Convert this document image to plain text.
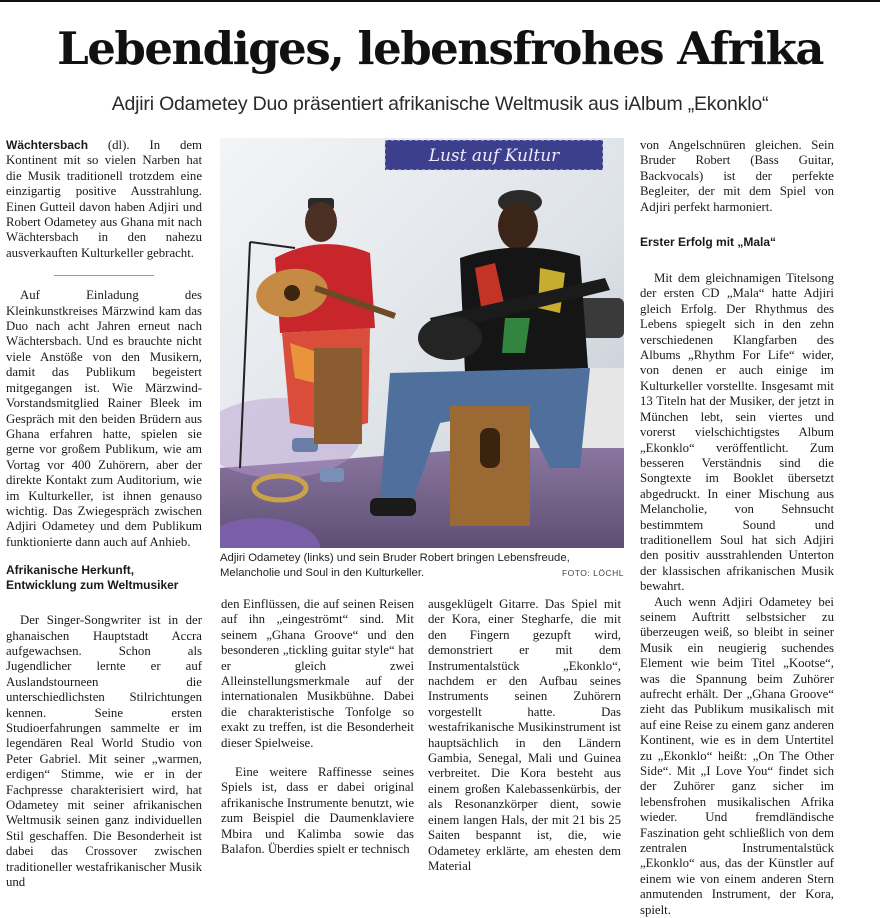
Lebendiges, lebensfrohes Afrika
Adjiri Odametey Duo präsentiert afrikanische Weltmusik aus iAlbum „Ekonklo“

Wächtersbach (dl). In dem Kontinent mit so vielen Narben hat die Musik traditionell trotzdem eine einzigartig positive Ausstrahlung. Einen Gutteil davon haben Adjiri und Robert Odametey aus Ghana mit nach Wächtersbach in den nahezu ausverkauften Kulturkeller gebracht.

Auf Einladung des Kleinkunstkreises Märzwind kam das Duo nach acht Jahren erneut nach Wächtersbach. Und es brauchte nicht viele Anstöße von den Musikern, damit das Publikum begeistert mitgegangen ist. Wie Märzwind-Vorstandsmitglied Rainer Bleek im Gespräch mit den beiden Brüdern aus Ghana erfahren hatte, spielen sie gerne vor großem Publikum, wie am Vortag vor 400 Zuhörern, aber der direkte Kontakt zum Auditorium, wie im Kulturkeller, ist ihnen genauso wichtig. Das Zwiegespräch zwischen Adjiri Odametey und dem Publikum funktionierte dann auch auf Anhieb.

Afrikanische Herkunft, Entwicklung zum Weltmusiker

Der Singer-Songwriter ist in der ghanaischen Hauptstadt Accra aufgewachsen. Schon als Jugendlicher lernte er auf Auslandstourneen die unterschiedlichsten Stilrichtungen kennen. Seine ersten Studioerfahrungen sammelte er im legendären Real World Studio von Peter Gabriel. Mit seiner „warmen, erdigen“ Stimme, wie er in der Fachpresse charakterisiert wird, hat Odametey mit seiner afrikanischen Weltmusik seinen ganz individuellen Stil geschaffen. Die Besonderheit ist dabei das Crossover zwischen traditioneller westafrikanischer Musik und

Lust auf Kultur
Adjiri Odametey (links) und sein Bruder Robert bringen Lebensfreude, Melancholie und Soul in den Kulturkeller.	FOTO: LÖCHL

den Einflüssen, die auf seinen Reisen auf ihn „eingeströmt“ sind. Mit seinem „Ghana Groove“ und den besonderen „tickling guitar style“ hat er gleich zwei Alleinstellungsmerkmale auf der internationalen Musikbühne. Dabei die charakteristische Tonfolge so exakt zu treffen, ist die Besonderheit dieser Spielweise.

Eine weitere Raffinesse seines Spiels ist, dass er dabei original afrikanische Instrumente benutzt, wie zum Beispiel die Daumenklaviere Mbira und Kalimba sowie das Balafon. Überdies spielt er technisch

ausgeklügelt Gitarre. Das Spiel mit der Kora, einer Stegharfe, die mit den Fingern gezupft wird, demonstriert er mit dem Instrumentalstück „Ekonklo“, nachdem er den Aufbau seines Instruments seinen Zuhörern vorgestellt hatte. Das westafrikanische Musikinstrument ist hauptsächlich in den Ländern Gambia, Senegal, Mali und Guinea verbreitet. Die Kora besteht aus einem großen Kalebassenkürbis, der als Resonanzkörper dient, sowie einem langen Hals, der mit 21 bis 25 Saiten bespannt ist, die, wie Odametey erklärte, am ehesten dem Material

von Angelschnüren gleichen. Sein Bruder Robert (Bass Guitar, Backvocals) ist der perfekte Begleiter, der mit dem Spiel von Adjiri perfekt harmoniert.

Erster Erfolg mit „Mala“

Mit dem gleichnamigen Titelsong der ersten CD „Mala“ hatte Adjiri gleich Erfolg. Der Rhythmus des Lebens spiegelt sich in den zehn verschiedenen Klangfarben des Albums „Rhythm For Life“ wider, von denen er auch einige im Kulturkeller vorstellte. Insgesamt mit 13 Titeln hat der Musiker, der jetzt in München lebt, sein viertes und vorerst vielschichtigstes Album „Ekonklo“ veröffentlicht. Zum besseren Verständnis sind die Songtexte im Booklet übersetzt abgedruckt. In einer Mischung aus Melancholie, von Sehnsucht bestimmtem Sound und traditionellem Soul hat sich Adjiri den positiv ausstrahlenden Unterton der klassischen afrikanischen Musik bewahrt.

Auch wenn Adjiri Odametey bei seinem Auftritt selbstsicher zu überzeugen weiß, so bleibt in seiner Musik ein neugierig suchendes Element wie beim Titel „Kootse“, was die Spannung beim Zuhörer aufrecht erhält. Der „Ghana Groove“ zieht das Publikum musikalisch mit auf eine Reise zu einem ganz anderen Kontinent, wie es in dem Untertitel zu „Ekonklo“ heißt: „On The Other Side“. Mit „I Love You“ findet sich der Zuhörer ganz sicher im lebensfrohen musikalischen Afrika wieder. Und fremdländische Faszination geht schließlich von dem zentralen Instrumentalstück „Ekonklo“ aus, das der Künstler auf einem wie von einem anderen Stern anmutenden Instrument, der Kora, spielt.
